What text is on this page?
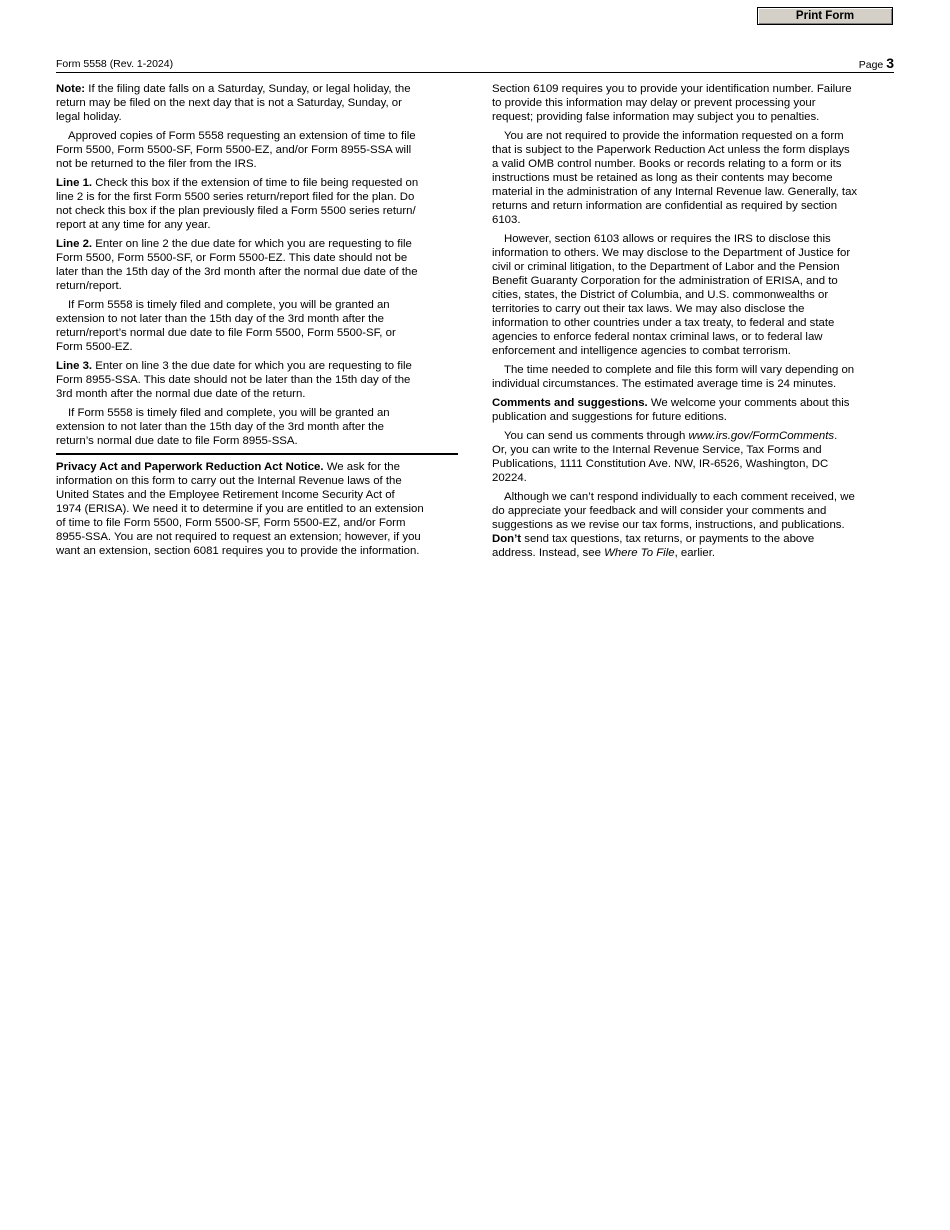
Print Form
Form 5558 (Rev. 1-2024)	Page 3

Note: If the filing date falls on a Saturday, Sunday, or legal holiday, the
return may be filed on the next day that is not a Saturday, Sunday, or
legal holiday.

Approved copies of Form 5558 requesting an extension of time to file
Form 5500, Form 5500-SF, Form 5500-EZ, and/or Form 8955-SSA will
not be returned to the filer from the IRS.

Line 1. Check this box if the extension of time to file being requested on
line 2 is for the first Form 5500 series return/report filed for the plan. Do
not check this box if the plan previously filed a Form 5500 series return/
report at any time for any year.

Line 2. Enter on line 2 the due date for which you are requesting to file
Form 5500, Form 5500-SF, or Form 5500-EZ. This date should not be
later than the 15th day of the 3rd month after the normal due date of the
return/report.

If Form 5558 is timely filed and complete, you will be granted an
extension to not later than the 15th day of the 3rd month after the
return/report’s normal due date to file Form 5500, Form 5500-SF, or
Form 5500-EZ.

Line 3. Enter on line 3 the due date for which you are requesting to file
Form 8955-SSA. This date should not be later than the 15th day of the
3rd month after the normal due date of the return.

If Form 5558 is timely filed and complete, you will be granted an
extension to not later than the 15th day of the 3rd month after the
return’s normal due date to file Form 8955-SSA.

Privacy Act and Paperwork Reduction Act Notice. We ask for the
information on this form to carry out the Internal Revenue laws of the
United States and the Employee Retirement Income Security Act of
1974 (ERISA). We need it to determine if you are entitled to an extension
of time to file Form 5500, Form 5500-SF, Form 5500-EZ, and/or Form
8955-SSA. You are not required to request an extension; however, if you
want an extension, section 6081 requires you to provide the information.

Section 6109 requires you to provide your identification number. Failure
to provide this information may delay or prevent processing your
request; providing false information may subject you to penalties.

You are not required to provide the information requested on a form
that is subject to the Paperwork Reduction Act unless the form displays
a valid OMB control number. Books or records relating to a form or its
instructions must be retained as long as their contents may become
material in the administration of any Internal Revenue law. Generally, tax
returns and return information are confidential as required by section
6103.

However, section 6103 allows or requires the IRS to disclose this
information to others. We may disclose to the Department of Justice for
civil or criminal litigation, to the Department of Labor and the Pension
Benefit Guaranty Corporation for the administration of ERISA, and to
cities, states, the District of Columbia, and U.S. commonwealths or
territories to carry out their tax laws. We may also disclose the
information to other countries under a tax treaty, to federal and state
agencies to enforce federal nontax criminal laws, or to federal law
enforcement and intelligence agencies to combat terrorism.

The time needed to complete and file this form will vary depending on
individual circumstances. The estimated average time is 24 minutes.

Comments and suggestions. We welcome your comments about this
publication and suggestions for future editions.

You can send us comments through www.irs.gov/FormComments.
Or, you can write to the Internal Revenue Service, Tax Forms and
Publications, 1111 Constitution Ave. NW, IR-6526, Washington, DC
20224.

Although we can’t respond individually to each comment received, we
do appreciate your feedback and will consider your comments and
suggestions as we revise our tax forms, instructions, and publications.
Don’t send tax questions, tax returns, or payments to the above
address. Instead, see Where To File, earlier.
